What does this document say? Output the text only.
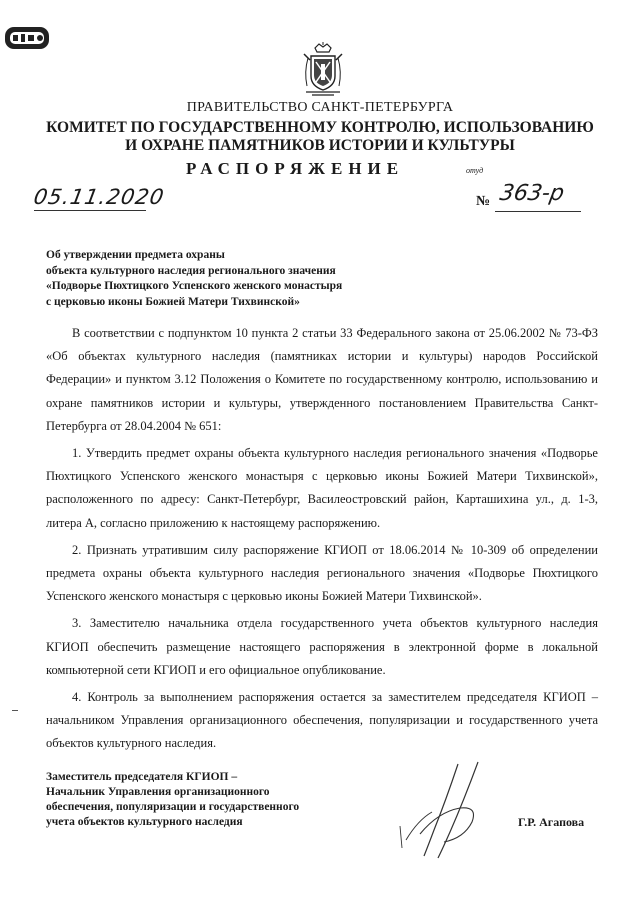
ПРАВИТЕЛЬСТВО САНКТ-ПЕТЕРБУРГА
КОМИТЕТ ПО ГОСУДАРСТВЕННОМУ КОНТРОЛЮ, ИСПОЛЬЗОВАНИЮ
И ОХРАНЕ ПАМЯТНИКОВ ИСТОРИИ И КУЛЬТУРЫ
РАСПОРЯЖЕНИЕ	отуд
05.11.2020	№ 363-р
Об утверждении предмета охраны
объекта культурного наследия регионального значения
«Подворье Пюхтицкого Успенского женского монастыря
с церковью иконы Божией Матери Тихвинской»

В соответствии с подпунктом 10 пункта 2 статьи 33 Федерального закона от 25.06.2002 № 73-ФЗ «Об объектах культурного наследия (памятниках истории и культуры) народов Российской Федерации» и пунктом 3.12 Положения о Комитете по государственному контролю, использованию и охране памятников истории и культуры, утвержденного постановлением Правительства Санкт-Петербурга от 28.04.2004 № 651:

1. Утвердить предмет охраны объекта культурного наследия регионального значения «Подворье Пюхтицкого Успенского женского монастыря с церковью иконы Божией Матери Тихвинской», расположенного по адресу: Санкт-Петербург, Василеостровский район, Карташихина ул., д. 1-3, литера А, согласно приложению к настоящему распоряжению.

2. Признать утратившим силу распоряжение КГИОП от 18.06.2014 № 10-309 об определении предмета охраны объекта культурного наследия регионального значения «Подворье Пюхтицкого Успенского женского монастыря с церковью иконы Божией Матери Тихвинской».

3. Заместителю начальника отдела государственного учета объектов культурного наследия КГИОП обеспечить размещение настоящего распоряжения в электронной форме в локальной компьютерной сети КГИОП и его официальное опубликование.

4. Контроль за выполнением распоряжения остается за заместителем председателя КГИОП – начальником Управления организационного обеспечения, популяризации и государственного учета объектов культурного наследия.

Заместитель председателя КГИОП –
Начальник Управления организационного
обеспечения, популяризации и государственного
учета объектов культурного наследия	Г.Р. Агапова
